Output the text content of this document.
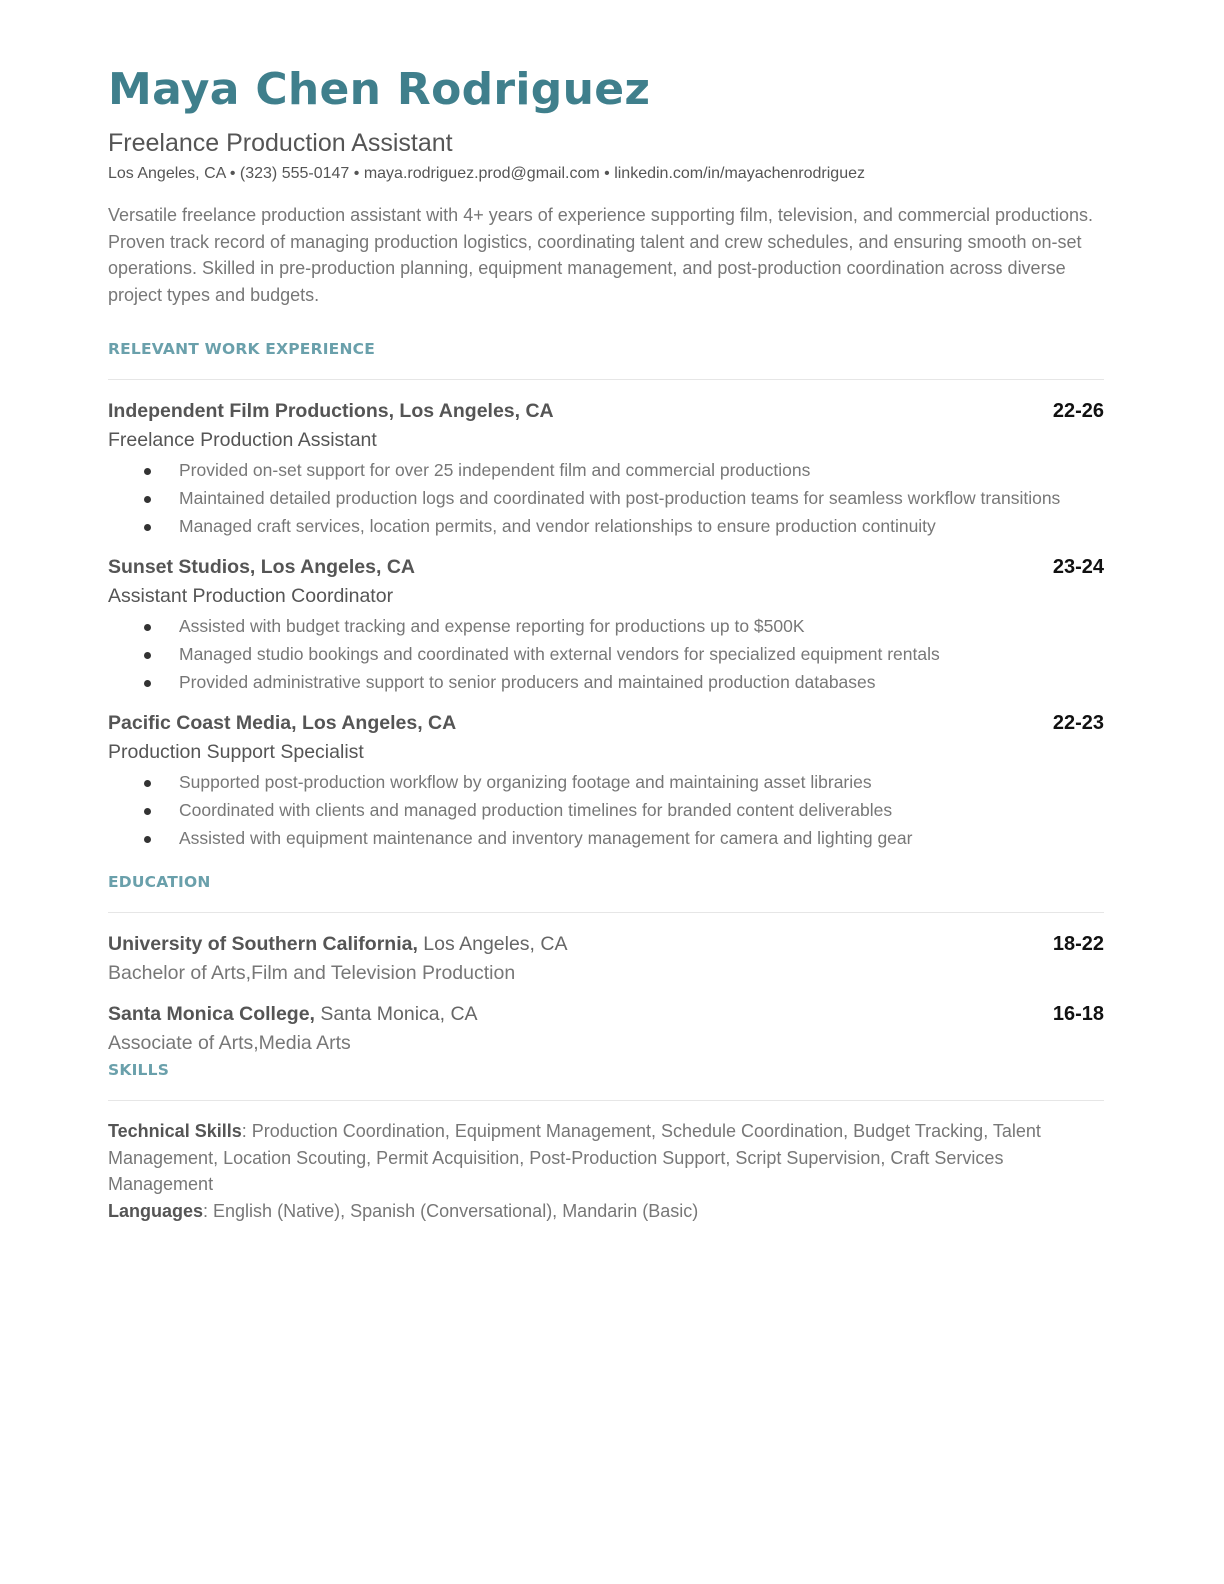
Maya Chen Rodriguez
Freelance Production Assistant
Los Angeles, CA • (323) 555-0147 • maya.rodriguez.prod@gmail.com • linkedin.com/in/mayachenrodriguez
Versatile freelance production assistant with 4+ years of experience supporting film, television, and commercial productions. Proven track record of managing production logistics, coordinating talent and crew schedules, and ensuring smooth on-set operations. Skilled in pre-production planning, equipment management, and post-production coordination across diverse project types and budgets.
RELEVANT WORK EXPERIENCE
Independent Film Productions, Los Angeles, CA	22-26
Freelance Production Assistant
Provided on-set support for over 25 independent film and commercial productions
Maintained detailed production logs and coordinated with post-production teams for seamless workflow transitions
Managed craft services, location permits, and vendor relationships to ensure production continuity
Sunset Studios, Los Angeles, CA	23-24
Assistant Production Coordinator
Assisted with budget tracking and expense reporting for productions up to $500K
Managed studio bookings and coordinated with external vendors for specialized equipment rentals
Provided administrative support to senior producers and maintained production databases
Pacific Coast Media, Los Angeles, CA	22-23
Production Support Specialist
Supported post-production workflow by organizing footage and maintaining asset libraries
Coordinated with clients and managed production timelines for branded content deliverables
Assisted with equipment maintenance and inventory management for camera and lighting gear
EDUCATION
University of Southern California, Los Angeles, CA	18-22
Bachelor of Arts,Film and Television Production
Santa Monica College, Santa Monica, CA	16-18
Associate of Arts,Media Arts
SKILLS

Technical Skills: Production Coordination, Equipment Management, Schedule Coordination, Budget Tracking, Talent Management, Location Scouting, Permit Acquisition, Post-Production Support, Script Supervision, Craft Services Management

Languages: English (Native), Spanish (Conversational), Mandarin (Basic)
